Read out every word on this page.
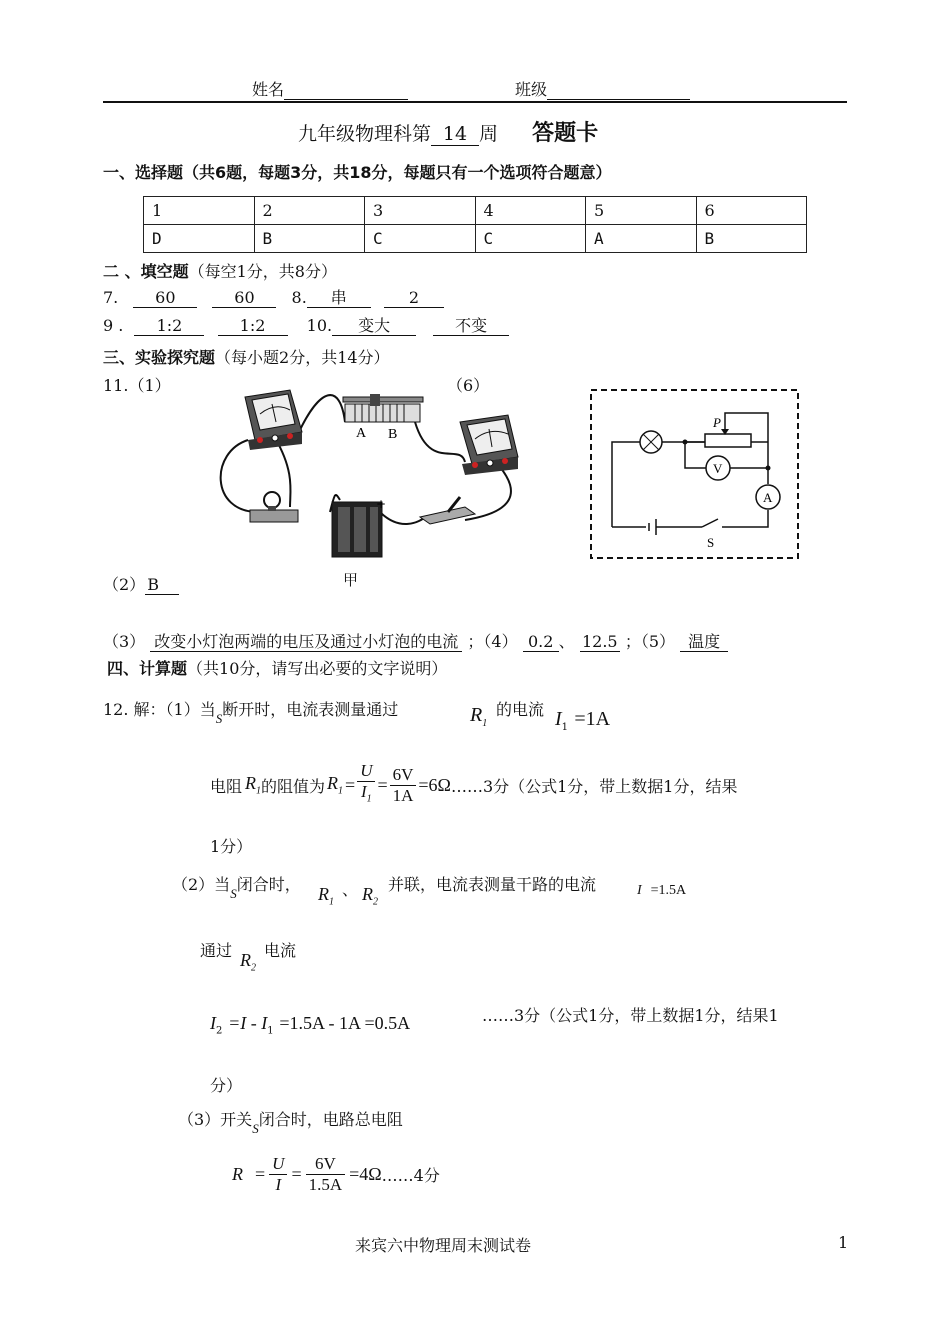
姓名	班级
九年级物理科第 14 周 答题卡
一、选择题（共6题，每题3分，共18分，每题只有一个选项符合题意）
1	2	3	4	5	6
D	B	C	C	A	B
二 、填空题（每空1分，共8分）
7. 60	60 8. 串	2
9 . 1:2	1:2	10. 变大	不变
三、实验探究题（每小题2分，共14分）
11.（1）	（6）
A B
-
+
甲
V
A
P
S
（2） B
（3） 改变小灯泡两端的电压及通过小灯泡的电流 ；（4） 0.2 、 12.5 ；（5） 温度
四、计算题（共10分，请写出必要的文字说明）
12. 解：（1）当$_S$断开时，电流表测量通过	$R_1$
的电流 $I_1 =1A$
电阻 $R_1$ 的阻值为 $R_1 = \frac{U}{I_1} = \frac{6V}{1A} =6\Omega$ ……3分（公式1分，带上数据1分，结果
1分）
（2）当$_S$闭合时， $R_1$
、 $R_2$
并联，电流表测量干路的电流	I =1.5A
通过 $R_2$
电流
$I_2 =I - I_1 =1.5A - 1A =0.5A$	……3分（公式1分，带上数据1分，结果1
分）
（3）开关$_S$闭合时，电路总电阻
$R = \frac{U}{I} = \frac{6V}{1.5A} =4\Omega$ ……4分
来宾六中物理周末测试卷	1
